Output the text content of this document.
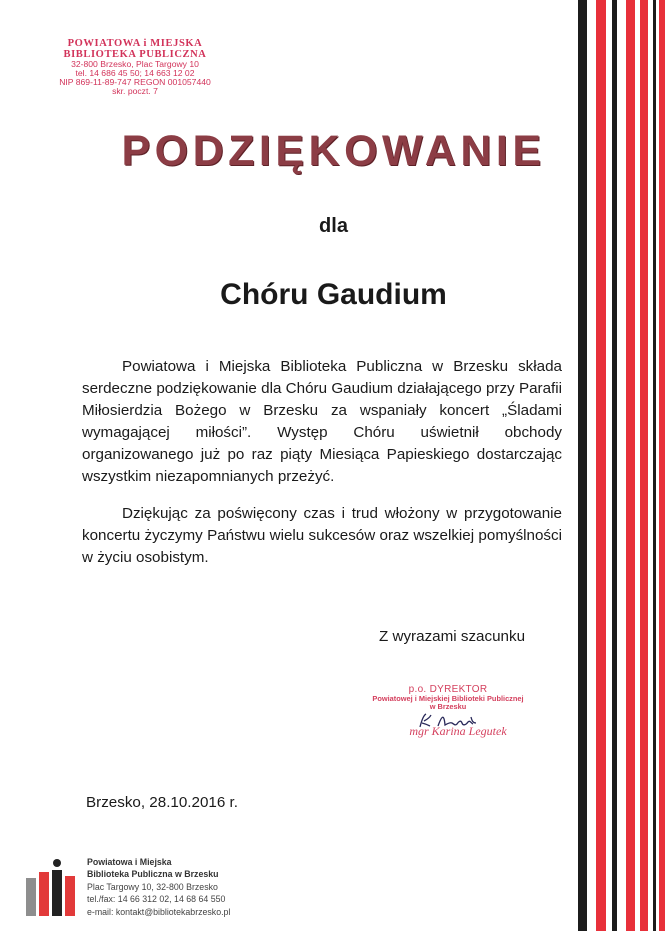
POWIATOWA i MIEJSKA
BIBLIOTEKA PUBLICZNA
32-800 Brzesko, Plac Targowy 10
tel. 14 686 45 50; 14 663 12 02
NIP 869-11-89-747 REGON 001057440
skr. poczt. 7
PODZIĘKOWANIE
dla
Chóru Gaudium

Powiatowa i Miejska Biblioteka Publiczna w Brzesku składa serdeczne podziękowanie dla Chóru Gaudium działającego przy Parafii Miłosierdzia Bożego w Brzesku za wspaniały koncert „Śladami wymagającej miłości”. Występ Chóru uświetnił obchody organizowanego już po raz piąty Miesiąca Papieskiego dostarczając wszystkim niezapomnianych przeżyć.

Dziękując za poświęcony czas i trud włożony w przygotowanie koncertu życzymy Państwu wielu sukcesów oraz wszelkiej pomyślności w życiu osobistym.

Z wyrazami szacunku
p.o. DYREKTOR
Powiatowej i Miejskiej Biblioteki Publicznej
w Brzesku
mgr Karina Legutek
Brzesko, 28.10.2016 r.
Powiatowa i Miejska
Biblioteka Publiczna w Brzesku
Plac Targowy 10, 32-800 Brzesko
tel./fax: 14 66 312 02, 14 68 64 550
e-mail: kontakt@bibliotekabrzesko.pl
